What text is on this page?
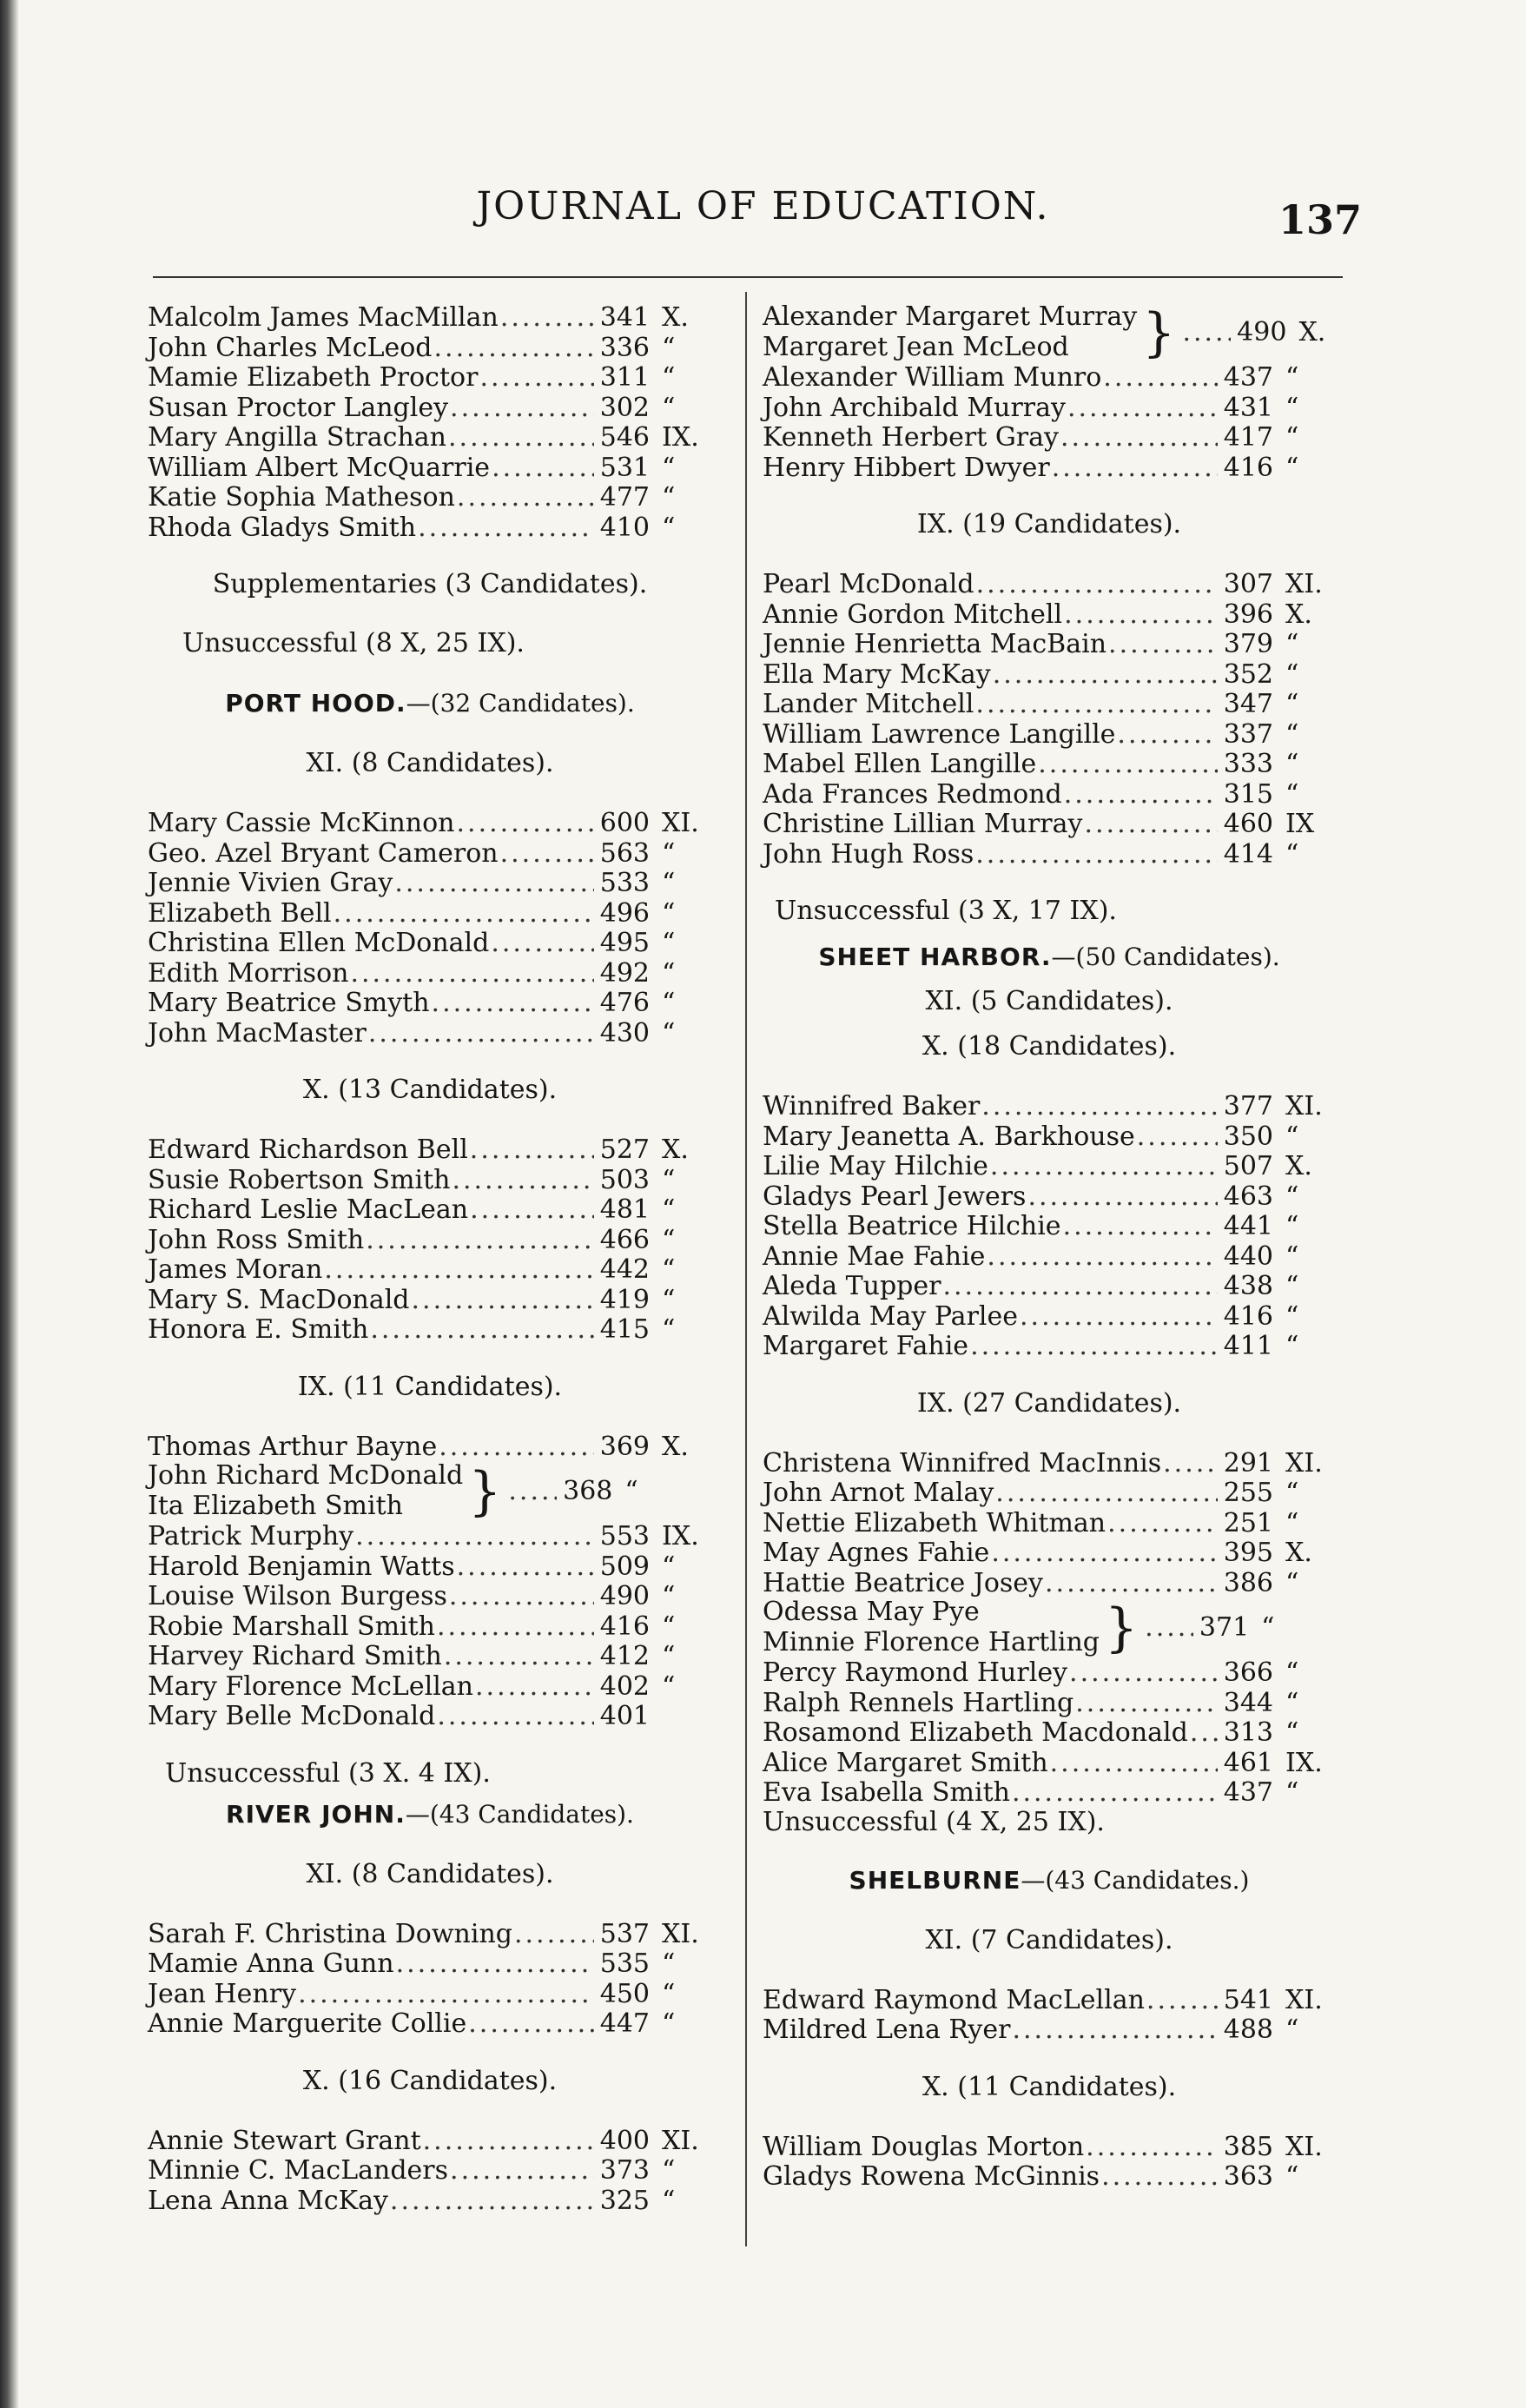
JOURNAL OF EDUCATION.	137
Malcolm James MacMillan .....	341 X.
John Charles McLeod .....	336 “
Mamie Elizabeth Proctor .....	311 “
Susan Proctor Langley .....	302 “
Mary Angilla Strachan .....	546 IX.
William Albert McQuarrie .....	531 “
Katie Sophia Matheson .....	477 “
Rhoda Gladys Smith .....	410 “
Supplementaries (3 Candidates).
Unsuccessful (8 X, 25 IX).
PORT HOOD.—(32 Candidates).
XI. (8 Candidates).
Mary Cassie McKinnon .....	600 XI.
Geo. Azel Bryant Cameron .....	563 “
Jennie Vivien Gray .....	533 “
Elizabeth Bell .....	496 “
Christina Ellen McDonald .....	495 “
Edith Morrison .....	492 “
Mary Beatrice Smyth .....	476 “
John MacMaster .....	430 “
X. (13 Candidates).
Edward Richardson Bell .....	527 X.
Susie Robertson Smith .....	503 “
Richard Leslie MacLean .....	481 “
John Ross Smith .....	466 “
James Moran .....	442 “
Mary S. MacDonald .....	419 “
Honora E. Smith .....	415 “
IX. (11 Candidates).
Thomas Arthur Bayne .....	369 X.
John Richard McDonald
Ita Elizabeth Smith	} ..... 368 “
Patrick Murphy .....	553 IX.
Harold Benjamin Watts .....	509 “
Louise Wilson Burgess .....	490 “
Robie Marshall Smith .....	416 “
Harvey Richard Smith .....	412 “
Mary Florence McLellan .....	402 “
Mary Belle McDonald .....	401
Unsuccessful (3 X. 4 IX).
RIVER JOHN.—(43 Candidates).
XI. (8 Candidates).
Sarah F. Christina Downing .....	537 XI.
Mamie Anna Gunn .....	535 “
Jean Henry .....	450 “
Annie Marguerite Collie .....	447 “
X. (16 Candidates).
Annie Stewart Grant .....	400 XI.
Minnie C. MacLanders .....	373 “
Lena Anna McKay .....	325 “
Alexander Margaret Murray
Margaret Jean McLeod	} ..... 490 X.
Alexander William Munro .....	437 “
John Archibald Murray .....	431 “
Kenneth Herbert Gray .....	417 “
Henry Hibbert Dwyer .....	416 “
IX. (19 Candidates).
Pearl McDonald .....	307 XI.
Annie Gordon Mitchell .....	396 X.
Jennie Henrietta MacBain .....	379 “
Ella Mary McKay .....	352 “
Lander Mitchell .....	347 “
William Lawrence Langille .....	337 “
Mabel Ellen Langille .....	333 “
Ada Frances Redmond .....	315 “
Christine Lillian Murray .....	460 IX
John Hugh Ross .....	414 “
Unsuccessful (3 X, 17 IX).
SHEET HARBOR.—(50 Candidates).
XI. (5 Candidates).
X. (18 Candidates).
Winnifred Baker .....	377 XI.
Mary Jeanetta A. Barkhouse .....	350 “
Lilie May Hilchie .....	507 X.
Gladys Pearl Jewers .....	463 “
Stella Beatrice Hilchie .....	441 “
Annie Mae Fahie .....	440 “
Aleda Tupper .....	438 “
Alwilda May Parlee .....	416 “
Margaret Fahie .....	411 “
IX. (27 Candidates).
Christena Winnifred MacInnis ..... 291 XI.
John Arnot Malay .....	255 “
Nettie Elizabeth Whitman .....	251 “
May Agnes Fahie .....	395 X.
Hattie Beatrice Josey .....	386 “
Odessa May Pye
Minnie Florence Hartling } ..... 371 “
Percy Raymond Hurley .....	366 “
Ralph Rennels Hartling .....	344 “
Rosamond Elizabeth Macdonald ..... 313 “
Alice Margaret Smith .....	461 IX.
Eva Isabella Smith .....	437 “
Unsuccessful (4 X, 25 IX).
SHELBURNE—(43 Candidates.)
XI. (7 Candidates).
Edward Raymond MacLellan .....	541 XI.
Mildred Lena Ryer .....	488 “
X. (11 Candidates).
William Douglas Morton .....	385 XI.
Gladys Rowena McGinnis .....	363 “
